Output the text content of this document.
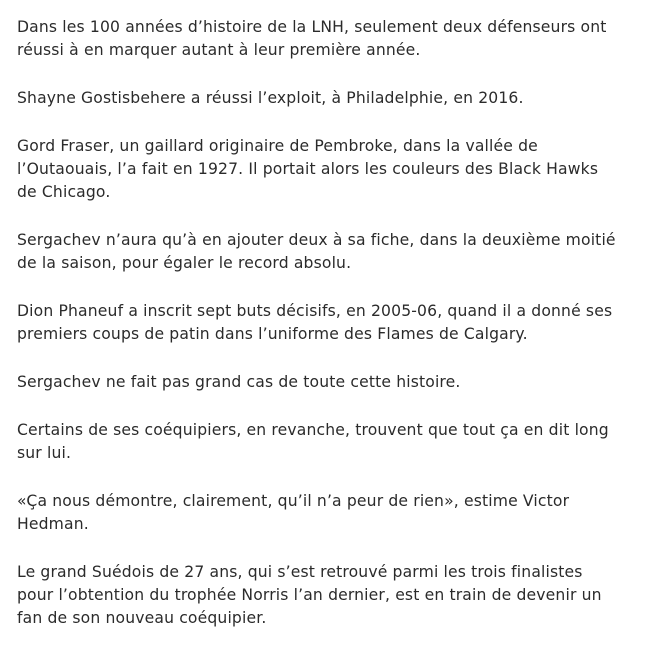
Dans les 100 années d’histoire de la LNH, seulement deux défenseurs ont réussi à en marquer autant à leur première année.

Shayne Gostisbehere a réussi l’exploit, à Philadelphie, en 2016.

Gord Fraser, un gaillard originaire de Pembroke, dans la vallée de l’Outaouais, l’a fait en 1927. Il portait alors les couleurs des Black Hawks de Chicago.

Sergachev n’aura qu’à en ajouter deux à sa fiche, dans la deuxième moitié de la saison, pour égaler le record absolu.

Dion Phaneuf a inscrit sept buts décisifs, en 2005-06, quand il a donné ses premiers coups de patin dans l’uniforme des Flames de Calgary.

Sergachev ne fait pas grand cas de toute cette histoire.

Certains de ses coéquipiers, en revanche, trouvent que tout ça en dit long sur lui.

«Ça nous démontre, clairement, qu’il n’a peur de rien», estime Victor Hedman.

Le grand Suédois de 27 ans, qui s’est retrouvé parmi les trois finalistes pour l’obtention du trophée Norris l’an dernier, est en train de devenir un fan de son nouveau coéquipier.
